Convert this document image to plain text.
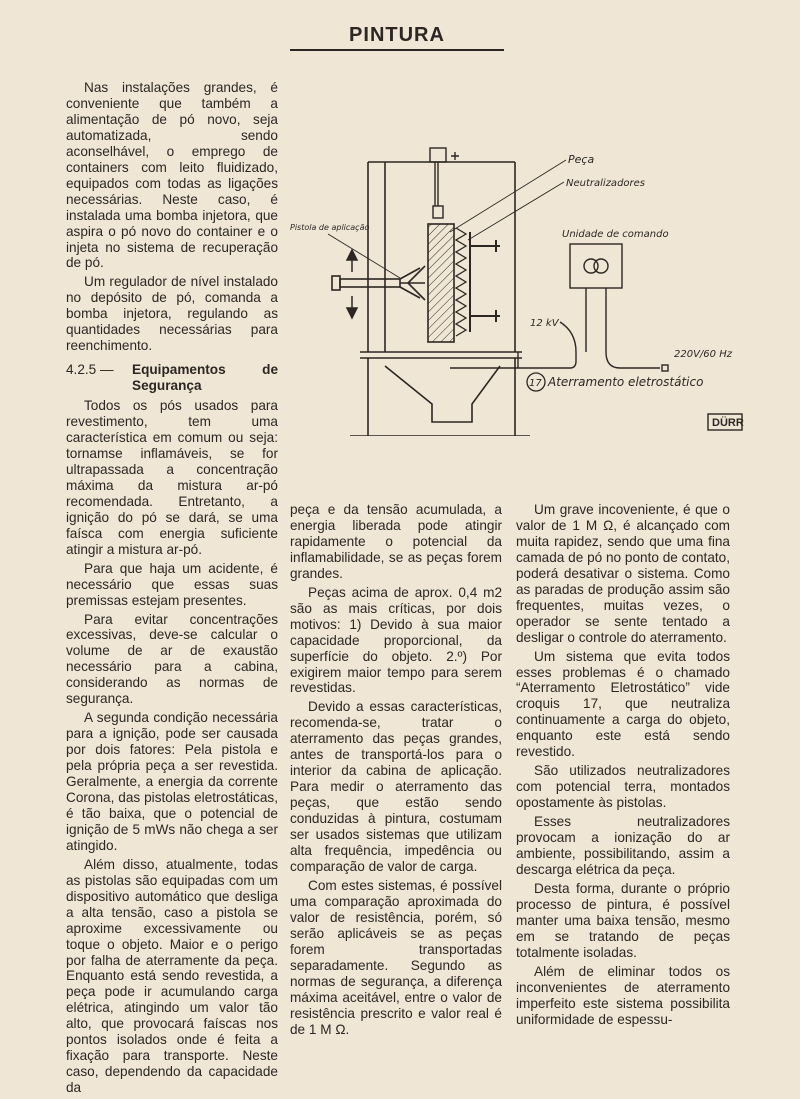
PINTURA

Nas instalações grandes, é conveniente que também a alimentação de pó novo, seja automatizada, sendo aconselhável, o emprego de containers com leito fluidizado, equipados com todas as ligações necessárias. Neste caso, é instalada uma bomba injetora, que aspira o pó novo do container e o injeta no sistema de recuperação de pó.

Um regulador de nível instalado no depósito de pó, comanda a bomba injetora, regulando as quantidades necessárias para reenchimento.

4.2.5 —	Equipamentos de Segurança

Todos os pós usados para revestimento, tem uma característica em comum ou seja: tornamse inflamáveis, se for ultrapassada a concentração máxima da mistura ar-pó recomendada. Entretanto, a ignição do pó se dará, se uma faísca com energia suficiente atingir a mistura ar-pó.

Para que haja um acidente, é necessário que essas suas premissas estejam presentes.

Para evitar concentrações excessivas, deve-se calcular o volume de ar de exaustão necessário para a cabina, considerando as normas de segurança.

A segunda condição necessária para a ignição, pode ser causada por dois fatores: Pela pistola e pela própria peça a ser revestida. Geralmente, a energia da corrente Corona, das pistolas eletrostáticas, é tão baixa, que o potencial de ignição de 5 mWs não chega a ser atingido.

Além disso, atualmente, todas as pistolas são equipadas com um dispositivo automático que desliga a alta tensão, caso a pistola se aproxime excessivamente ou toque o objeto. Maior e o perigo por falha de aterramente da peça. Enquanto está sendo revestida, a peça pode ir acumulando carga elétrica, atingindo um valor tão alto, que provocará faíscas nos pontos isolados onde é feita a fixação para transporte. Neste caso, dependendo da capacidade da

Peça
Neutralizadores
Pistola de aplicação
Unidade de comando
12 kV
220V/60 Hz
17 Aterramento eletrostático
DÜRR

peça e da tensão acumulada, a energia liberada pode atingir rapidamente o potencial da inflamabilidade, se as peças forem grandes.

Peças acima de aprox. 0,4 m2 são as mais críticas, por dois motivos: 1) Devido à sua maior capacidade proporcional, da superfície do objeto. 2.º) Por exigirem maior tempo para serem revestidas.

Devido a essas características, recomenda-se, tratar o aterramento das peças grandes, antes de transportá-los para o interior da cabina de aplicação. Para medir o aterramento das peças, que estão sendo conduzidas à pintura, costumam ser usados sistemas que utilizam alta frequência, impedência ou comparação de valor de carga.

Com estes sistemas, é possível uma comparação aproximada do valor de resistência, porém, só serão aplicáveis se as peças forem transportadas separadamente. Segundo as normas de segurança, a diferença máxima aceitável, entre o valor de resistência prescrito e valor real é de 1 M Ω.

Um grave incoveniente, é que o valor de 1 M Ω, é alcançado com muita rapidez, sendo que uma fina camada de pó no ponto de contato, poderá desativar o sistema. Como as paradas de produção assim são frequentes, muitas vezes, o operador se sente tentado a desligar o controle do aterramento.

Um sistema que evita todos esses problemas é o chamado “Aterramento Eletrostático” vide croquis 17, que neutraliza continuamente a carga do objeto, enquanto este está sendo revestido.

São utilizados neutralizadores com potencial terra, montados opostamente às pistolas.

Esses neutralizadores provocam a ionização do ar ambiente, possibilitando, assim a descarga elétrica da peça.

Desta forma, durante o próprio processo de pintura, é possível manter uma baixa tensão, mesmo em se tratando de peças totalmente isoladas.

Além de eliminar todos os inconvenientes de aterramento imperfeito este sistema possibilita uniformidade de espessu-
